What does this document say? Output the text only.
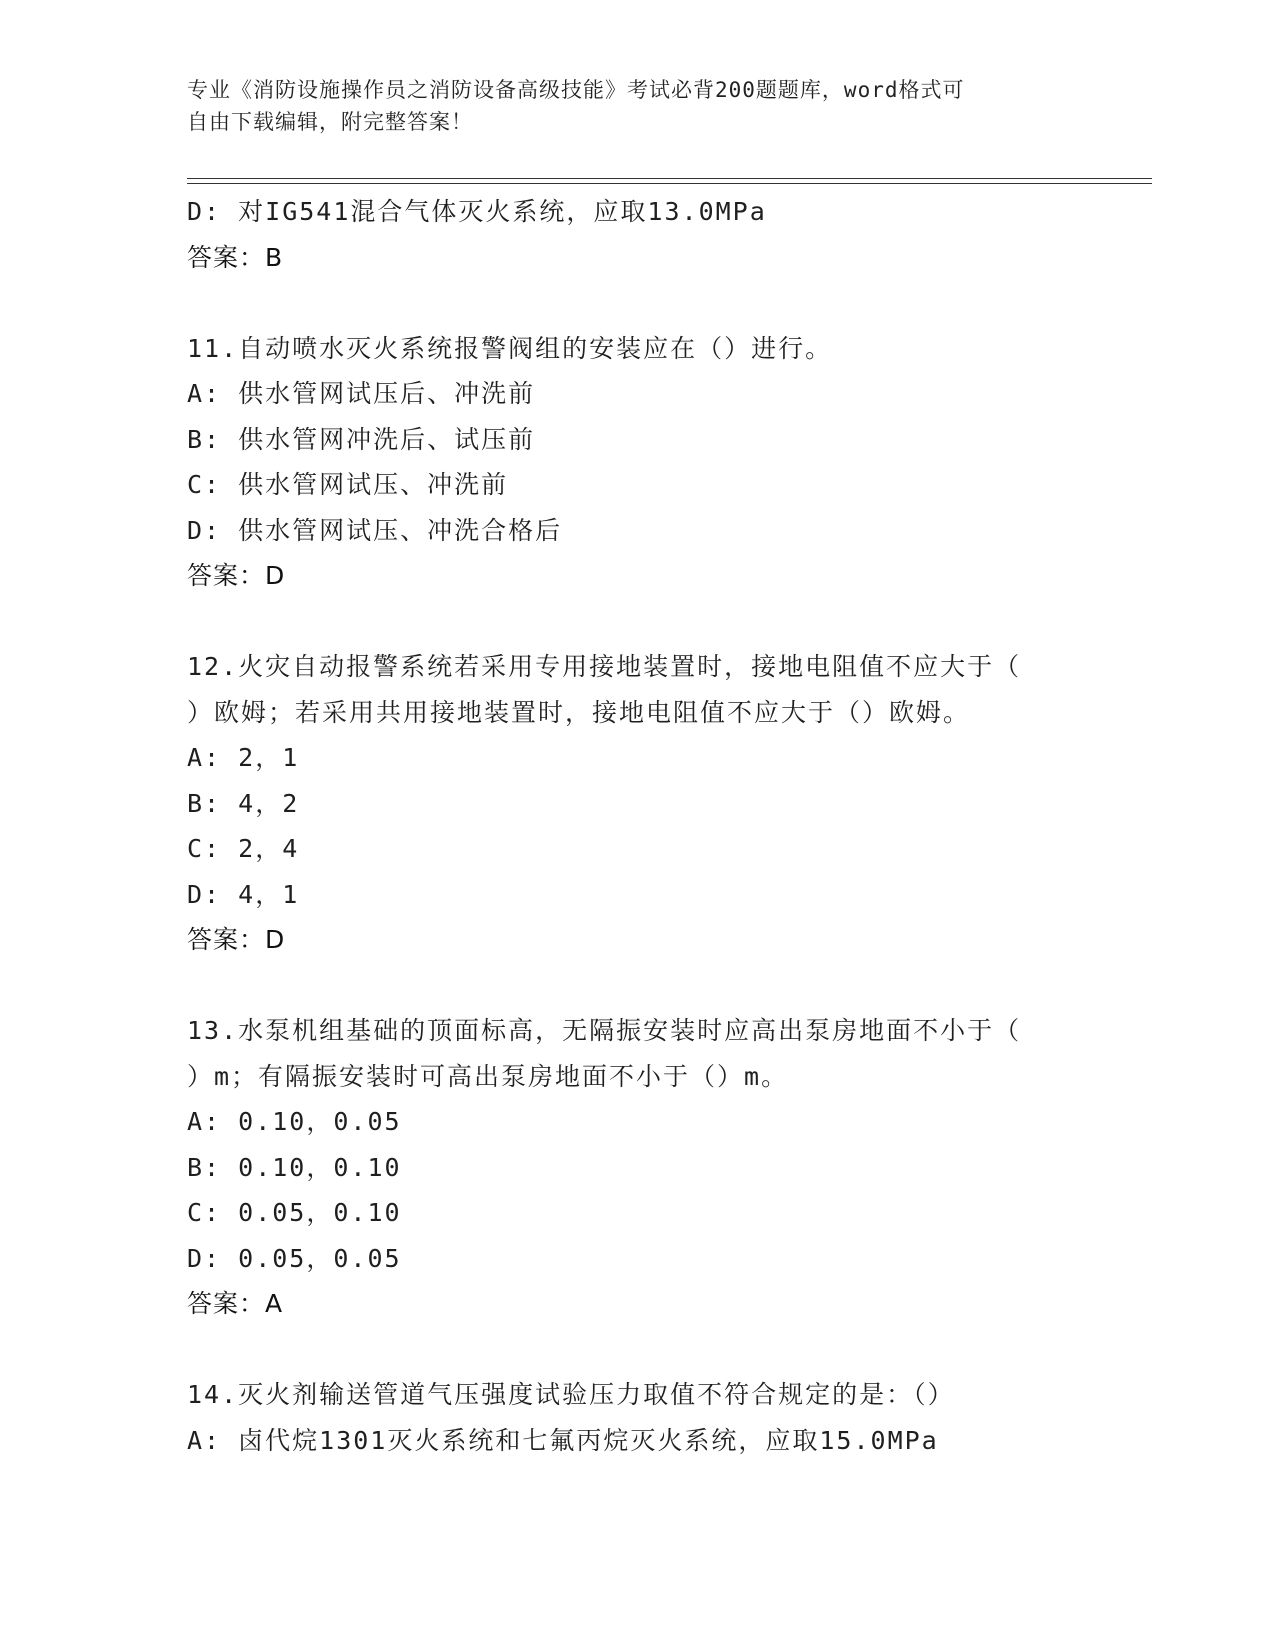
专业《消防设施操作员之消防设备高级技能》考试必背200题题库，word格式可
自由下载编辑，附完整答案！
D: 对IG541混合气体灭火系统，应取13.0MPa
答案：B
11.自动喷水灭火系统报警阀组的安装应在（）进行。
A: 供水管网试压后、冲洗前
B: 供水管网冲洗后、试压前
C: 供水管网试压、冲洗前
D: 供水管网试压、冲洗合格后
答案：D
12.火灾自动报警系统若采用专用接地装置时，接地电阻值不应大于（
）欧姆；若采用共用接地装置时，接地电阻值不应大于（）欧姆。
A: 2，1
B: 4，2
C: 2，4
D: 4，1
答案：D
13.水泵机组基础的顶面标高，无隔振安装时应高出泵房地面不小于（
）m；有隔振安装时可高出泵房地面不小于（）m。
A: 0.10，0.05
B: 0.10，0.10
C: 0.05，0.10
D: 0.05，0.05
答案：A
14.灭火剂输送管道气压强度试验压力取值不符合规定的是：（）
A: 卤代烷1301灭火系统和七氟丙烷灭火系统，应取15.0MPa
